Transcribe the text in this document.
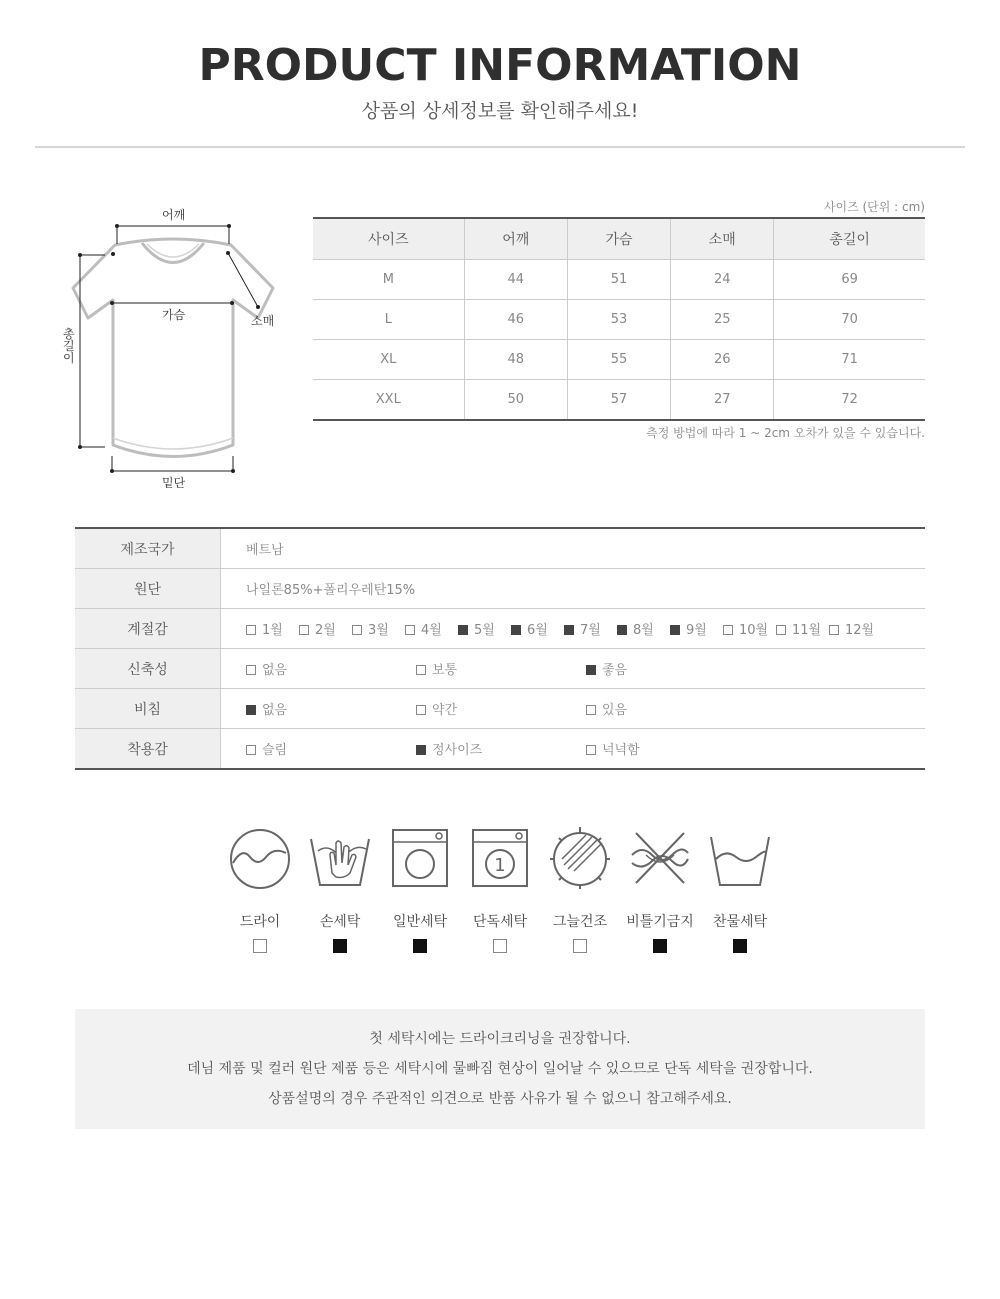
PRODUCT INFORMATION
상품의 상세정보를 확인해주세요!
어깨
가슴	소매
총길이
밑단
사이즈 (단위 : cm)
사이즈	어깨	가슴	소매	총길이
M	44	51	24	69
L	46	53	25	70
XL	48	55	26	71
XXL	50	57	27	72
측정 방법에 따라 1 ~ 2cm 오차가 있을 수 있습니다.
제조국가	베트남
원단	나일론85%+폴리우레탄15%
계절감	1월 2월 3월 4월 5월 6월 7월 8월 9월 10월 11월 12월
신축성	없음 보통 좋음
비침	없음 약간 있음
착용감	슬림 정사이즈 넉넉함
드라이	손세탁	일반세탁
1
단독세탁	그늘건조	비틀기금지	찬물세탁
첫 세탁시에는 드라이크리닝을 권장합니다.
데님 제품 및 컬러 원단 제품 등은 세탁시에 물빠짐 현상이 일어날 수 있으므로 단독 세탁을 권장합니다.
상품설명의 경우 주관적인 의견으로 반품 사유가 될 수 없으니 참고해주세요.
